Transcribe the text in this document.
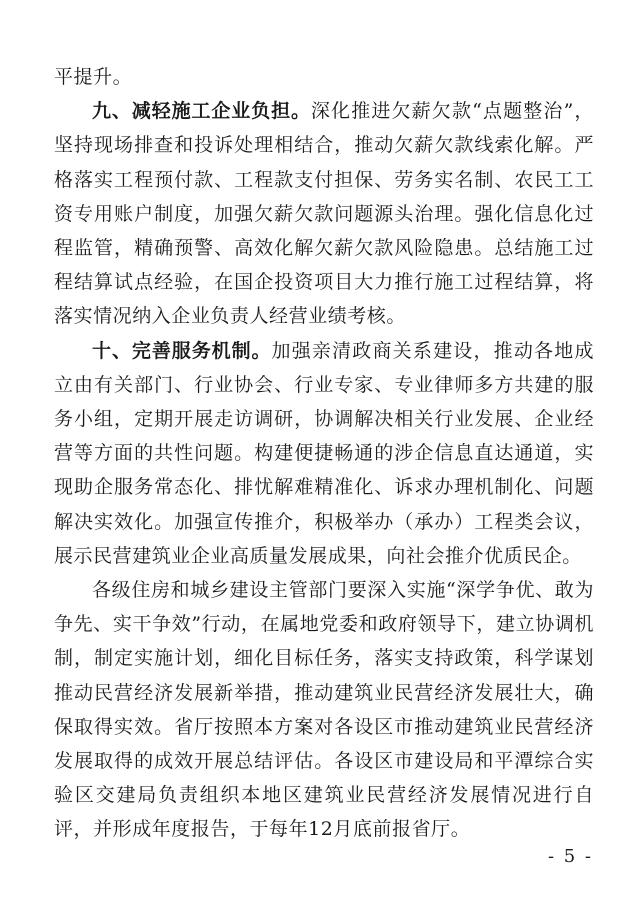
平提升。

九、减轻施工企业负担。深化推进欠薪欠款“点题整治”，坚持现场排查和投诉处理相结合，推动欠薪欠款线索化解。严格落实工程预付款、工程款支付担保、劳务实名制、农民工工资专用账户制度，加强欠薪欠款问题源头治理。强化信息化过程监管，精确预警、高效化解欠薪欠款风险隐患。总结施工过程结算试点经验，在国企投资项目大力推行施工过程结算，将落实情况纳入企业负责人经营业绩考核。

十、完善服务机制。加强亲清政商关系建设，推动各地成立由有关部门、行业协会、行业专家、专业律师多方共建的服务小组，定期开展走访调研，协调解决相关行业发展、企业经营等方面的共性问题。构建便捷畅通的涉企信息直达通道，实现助企服务常态化、排忧解难精准化、诉求办理机制化、问题解决实效化。加强宣传推介，积极举办（承办）工程类会议，展示民营建筑业企业高质量发展成果，向社会推介优质民企。

各级住房和城乡建设主管部门要深入实施“深学争优、敢为争先、实干争效”行动，在属地党委和政府领导下，建立协调机制，制定实施计划，细化目标任务，落实支持政策，科学谋划推动民营经济发展新举措，推动建筑业民营经济发展壮大，确保取得实效。省厅按照本方案对各设区市推动建筑业民营经济发展取得的成效开展总结评估。各设区市建设局和平潭综合实验区交建局负责组织本地区建筑业民营经济发展情况进行自评，并形成年度报告，于每年12月底前报省厅。

- 5 -
